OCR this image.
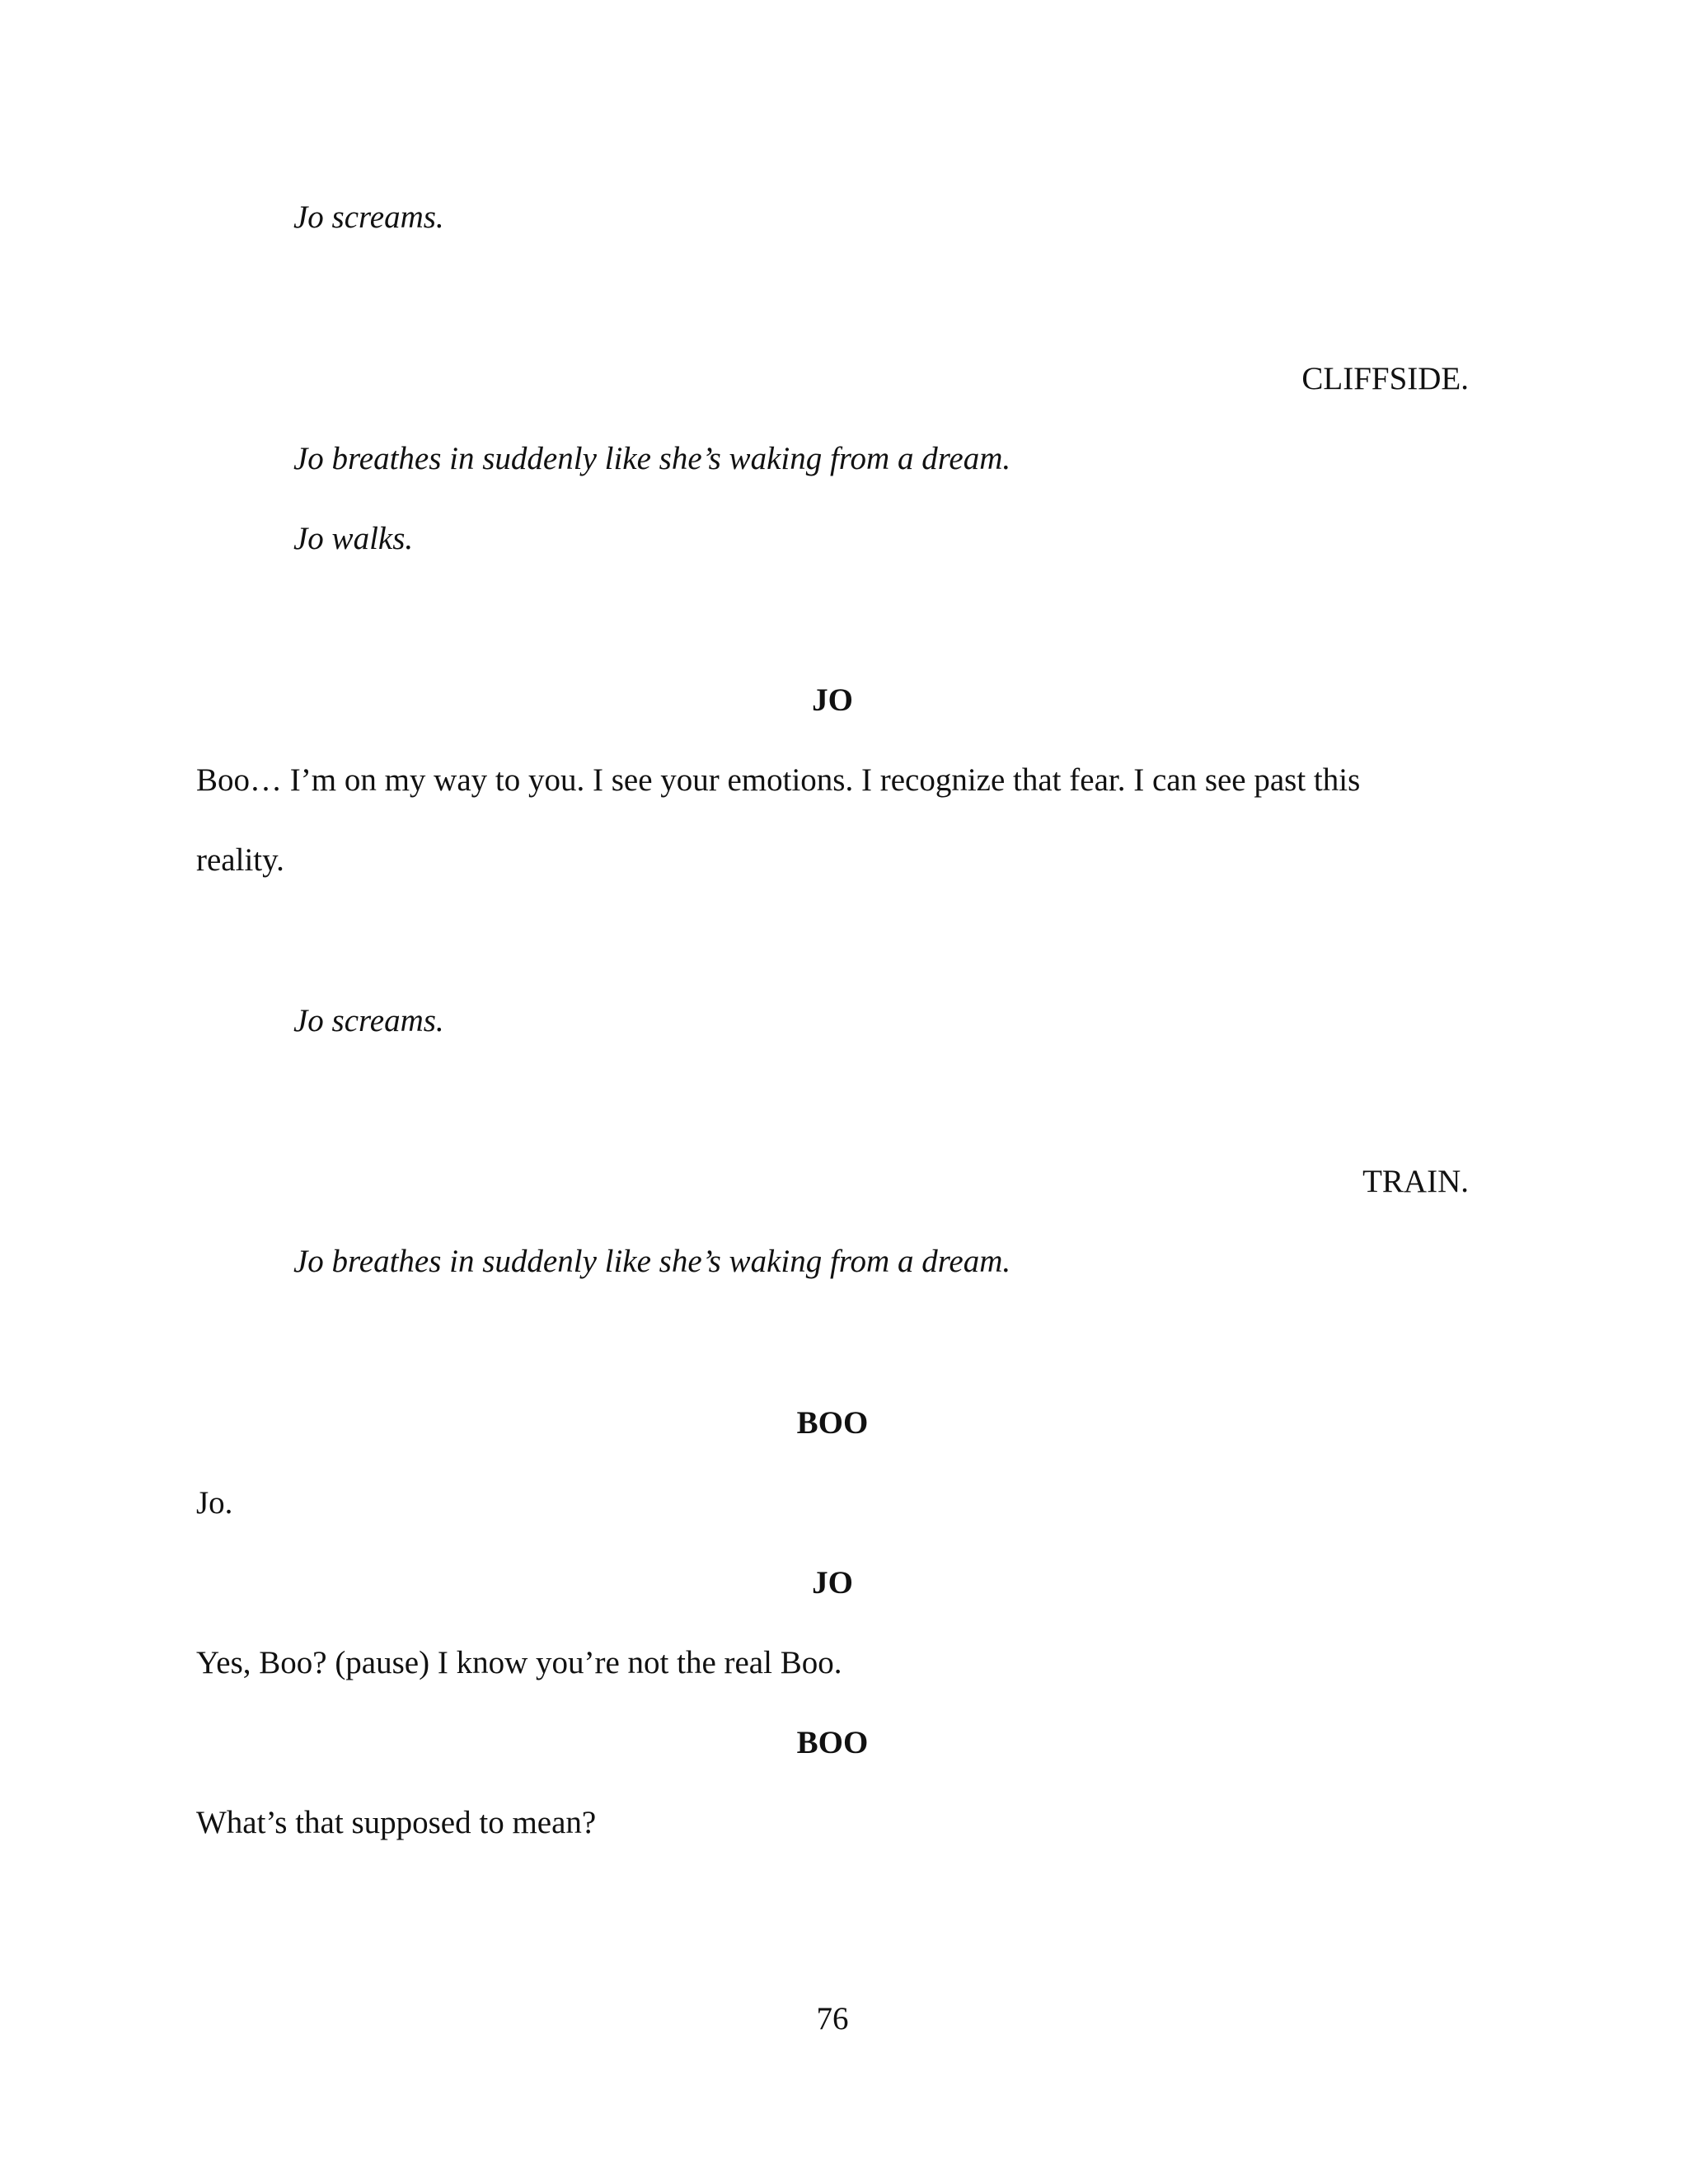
Jo screams.
CLIFFSIDE.
Jo breathes in suddenly like she’s waking from a dream.
Jo walks.
JO
Boo… I’m on my way to you. I see your emotions. I recognize that fear. I can see past this
reality.
Jo screams.
TRAIN.
Jo breathes in suddenly like she’s waking from a dream.
BOO
Jo.
JO
Yes, Boo? (pause) I know you’re not the real Boo.
BOO
What’s that supposed to mean?
76
